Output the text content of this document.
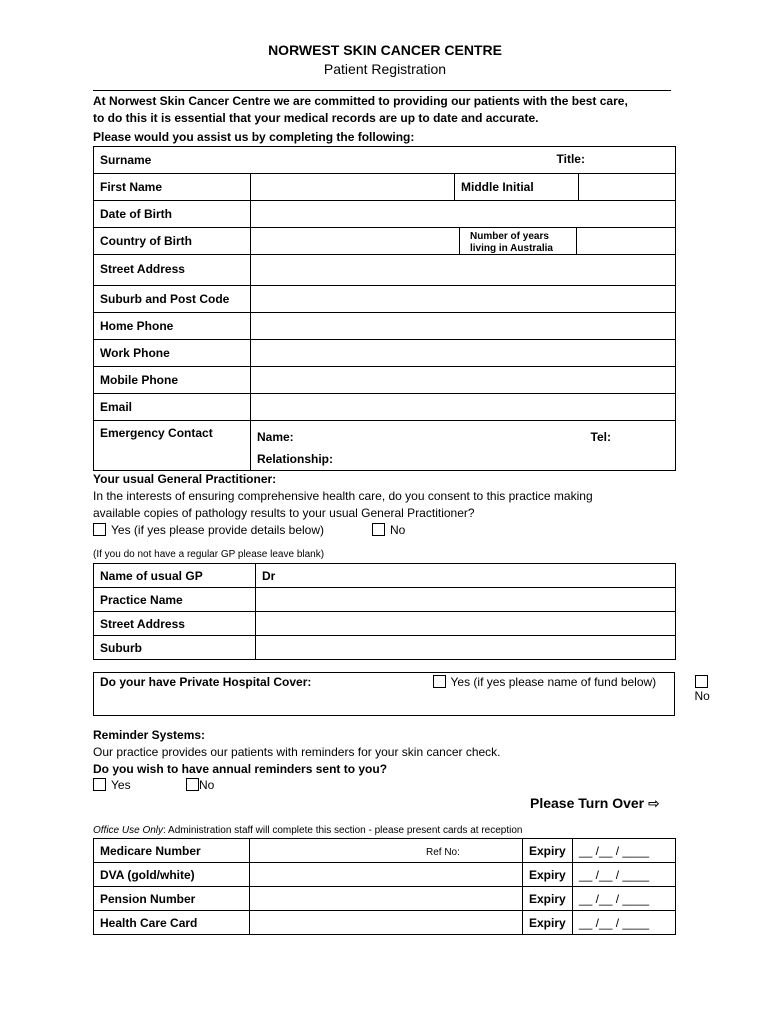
NORWEST SKIN CANCER CENTRE
Patient Registration
At Norwest Skin Cancer Centre we are committed to providing our patients with the best care,
to do this it is essential that your medical records are up to date and accurate.
Please would you assist us by completing the following:
Surname Title:				

First Name		Middle Initial		
Date of Birth				
Country of Birth			Number of years
living in Australia	

Street Address				
Suburb and Post Code				
Home Phone				
Work Phone				
Mobile Phone				
Email				
Emergency Contact	Name: Tel:

Relationship:			
Your usual General Practitioner:
In the interests of ensuring comprehensive health care, do you consent to this practice making
available copies of pathology results to your usual General Practitioner?
Yes (if yes please provide details below)	No
(If you do not have a regular GP please leave blank)
Name of usual GP	Dr
Practice Name	
Street Address	
Suburb	
Do your have Private Hospital Cover:	Yes (if yes please name of fund below)
No
Reminder Systems:
Our practice provides our patients with reminders for your skin cancer check.
Do you wish to have annual reminders sent to you?
Yes	No
Please Turn Over ⇨
Office Use Only: Administration staff will complete this section - please present cards at reception
Medicare Number	Ref No:	Expiry	__ /__ / ____
DVA (gold/white)		Expiry	__ /__ / ____
Pension Number		Expiry	__ /__ / ____
Health Care Card		Expiry	__ /__ / ____
